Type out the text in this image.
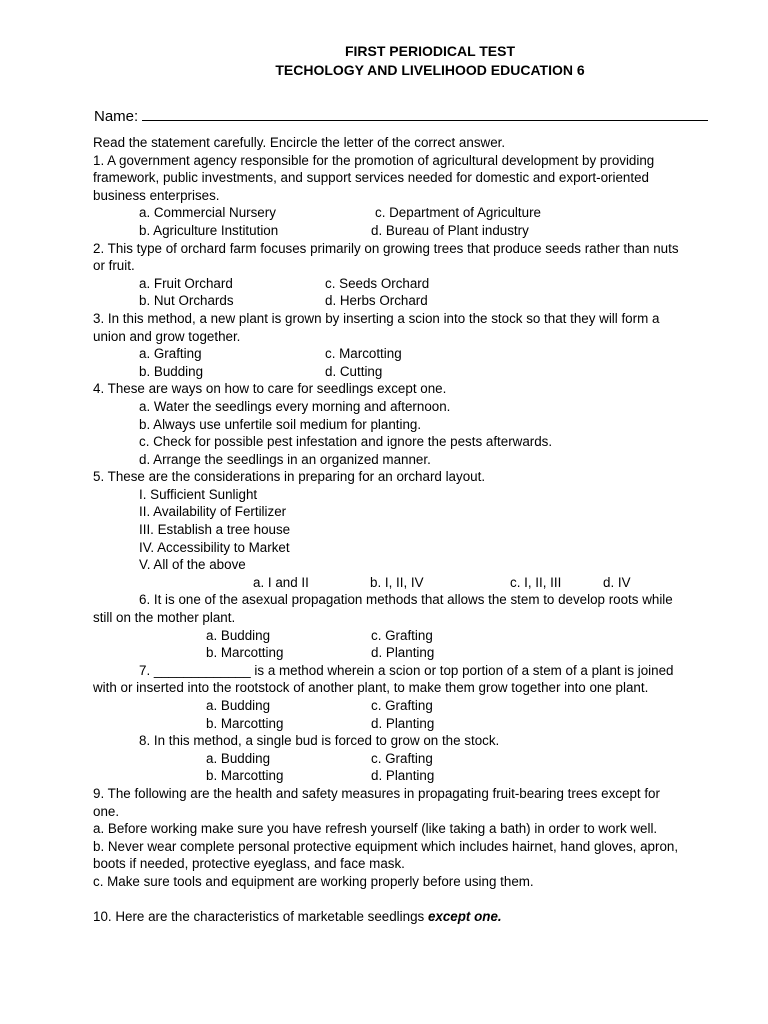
FIRST PERIODICAL TEST
TECHOLOGY AND LIVELIHOOD EDUCATION 6
Name:
Read the statement carefully. Encircle the letter of the correct answer.
1. A government agency responsible for the promotion of agricultural development by providing
framework, public investments, and support services needed for domestic and export-oriented
business enterprises.
a. Commercial Nursery	c. Department of Agriculture
b. Agriculture Institution	d. Bureau of Plant industry
2. This type of orchard farm focuses primarily on growing trees that produce seeds rather than nuts
or fruit.
a. Fruit Orchard	c. Seeds Orchard
b. Nut Orchards	d. Herbs Orchard
3. In this method, a new plant is grown by inserting a scion into the stock so that they will form a
union and grow together.
a. Grafting	c. Marcotting
b. Budding	d. Cutting
4. These are ways on how to care for seedlings except one.
a. Water the seedlings every morning and afternoon.
b. Always use unfertile soil medium for planting.
c. Check for possible pest infestation and ignore the pests afterwards.
d. Arrange the seedlings in an organized manner.
5. These are the considerations in preparing for an orchard layout.
I. Sufficient Sunlight
II. Availability of Fertilizer
III. Establish a tree house
IV. Accessibility to Market
V. All of the above
a. I and II	b. I, II, IV	c. I, II, III	d. IV
6. It is one of the asexual propagation methods that allows the stem to develop roots while
still on the mother plant.
a. Budding	c. Grafting
b. Marcotting	d. Planting
7. _____________ is a method wherein a scion or top portion of a stem of a plant is joined
with or inserted into the rootstock of another plant, to make them grow together into one plant.
a. Budding	c. Grafting
b. Marcotting	d. Planting
8. In this method, a single bud is forced to grow on the stock.
a. Budding	c. Grafting
b. Marcotting	d. Planting
9. The following are the health and safety measures in propagating fruit-bearing trees except for
one.
a. Before working make sure you have refresh yourself (like taking a bath) in order to work well.
b. Never wear complete personal protective equipment which includes hairnet, hand gloves, apron,
boots if needed, protective eyeglass, and face mask.
c. Make sure tools and equipment are working properly before using them.
10. Here are the characteristics of marketable seedlings except one.
